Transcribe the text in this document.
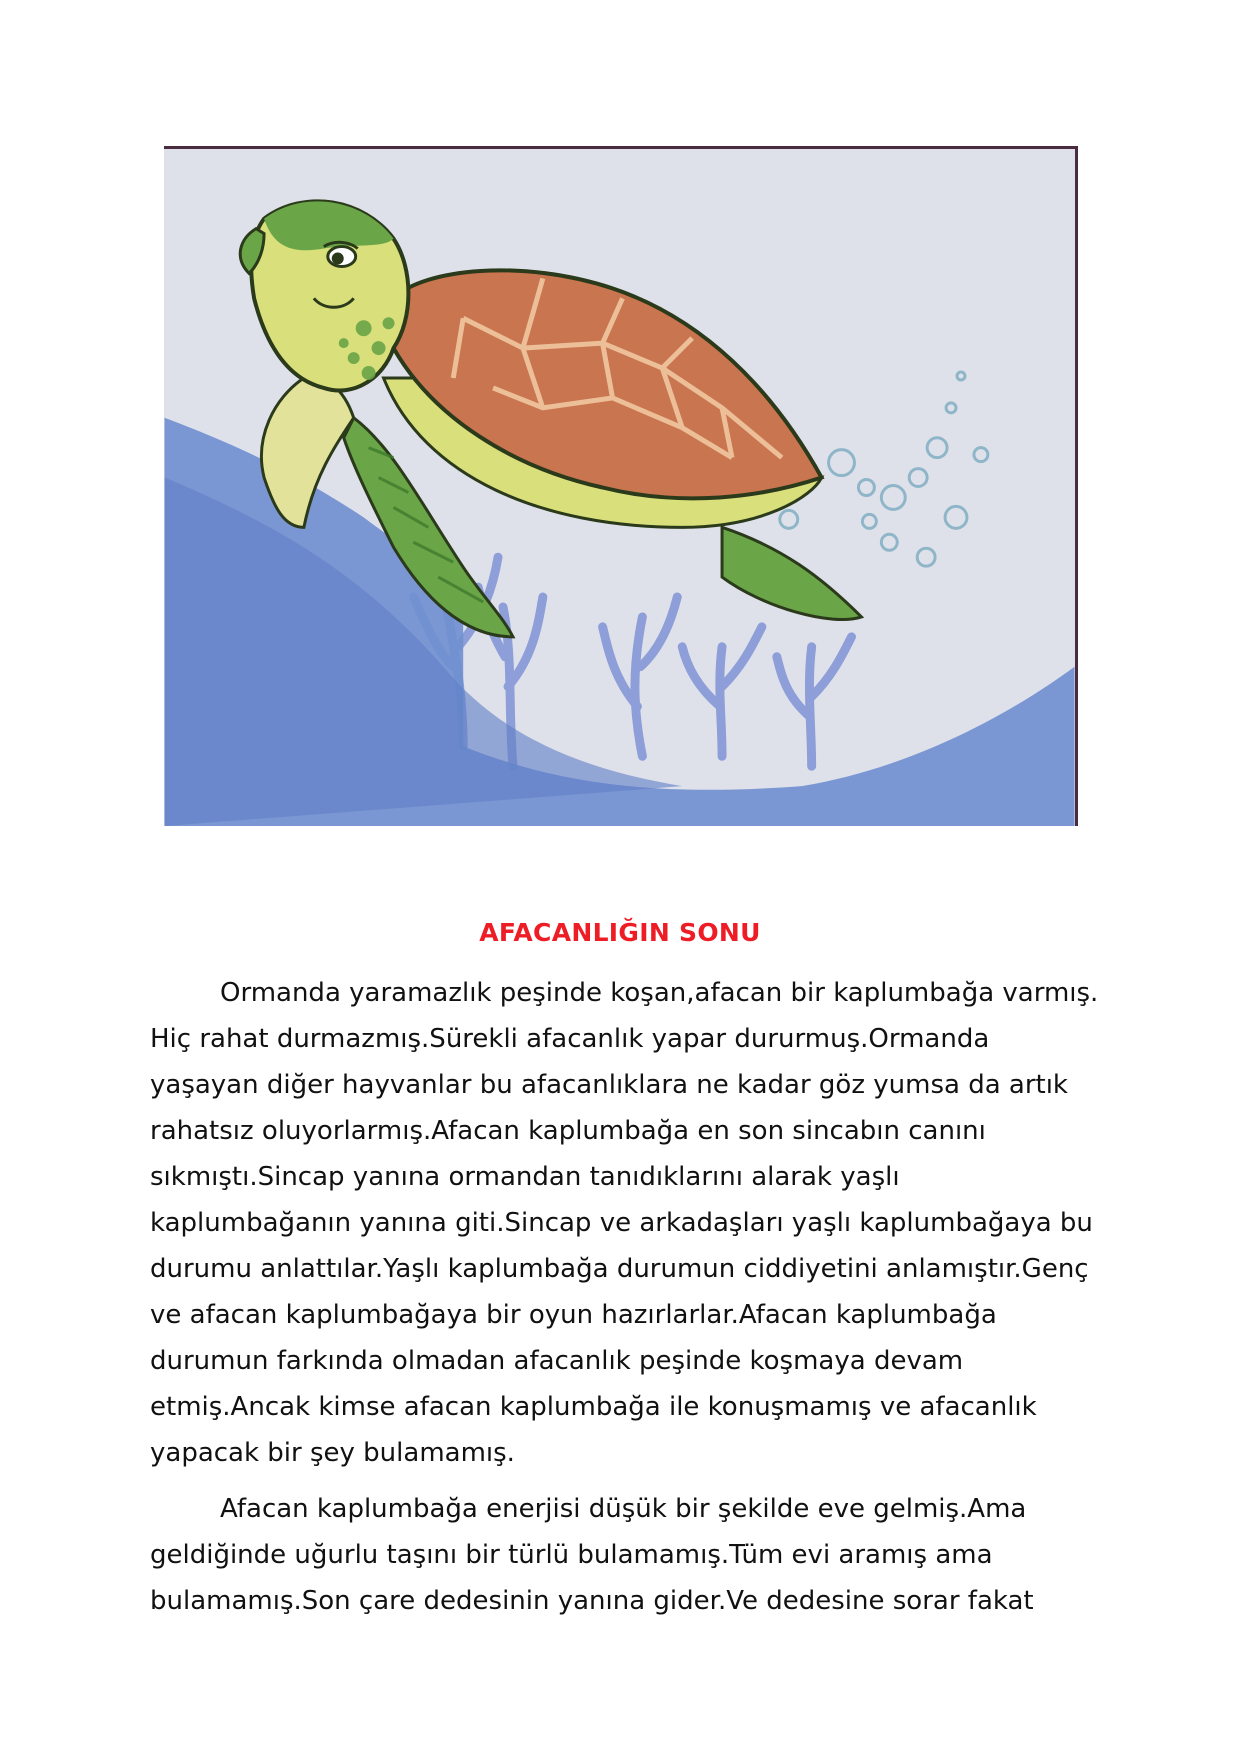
AFACANLIĞIN SONU

Ormanda yaramazlık peşinde koşan,afacan bir kaplumbağa varmış. Hiç rahat durmazmış.Sürekli afacanlık yapar dururmuş.Ormanda yaşayan diğer hayvanlar bu afacanlıklara ne kadar göz yumsa da artık rahatsız oluyorlarmış.Afacan kaplumbağa en son sincabın canını sıkmıştı.Sincap yanına ormandan tanıdıklarını alarak yaşlı kaplumbağanın yanına giti.Sincap ve arkadaşları yaşlı kaplumbağaya bu durumu anlattılar.Yaşlı kaplumbağa durumun ciddiyetini anlamıştır.Genç ve afacan kaplumbağaya bir oyun hazırlarlar.Afacan kaplumbağa durumun farkında olmadan afacanlık peşinde koşmaya devam etmiş.Ancak kimse afacan kaplumbağa ile konuşmamış ve afacanlık yapacak bir şey bulamamış.

Afacan kaplumbağa enerjisi düşük bir şekilde eve gelmiş.Ama geldiğinde uğurlu taşını bir türlü bulamamış.Tüm evi aramış ama bulamamış.Son çare dedesinin yanına gider.Ve dedesine sorar fakat
